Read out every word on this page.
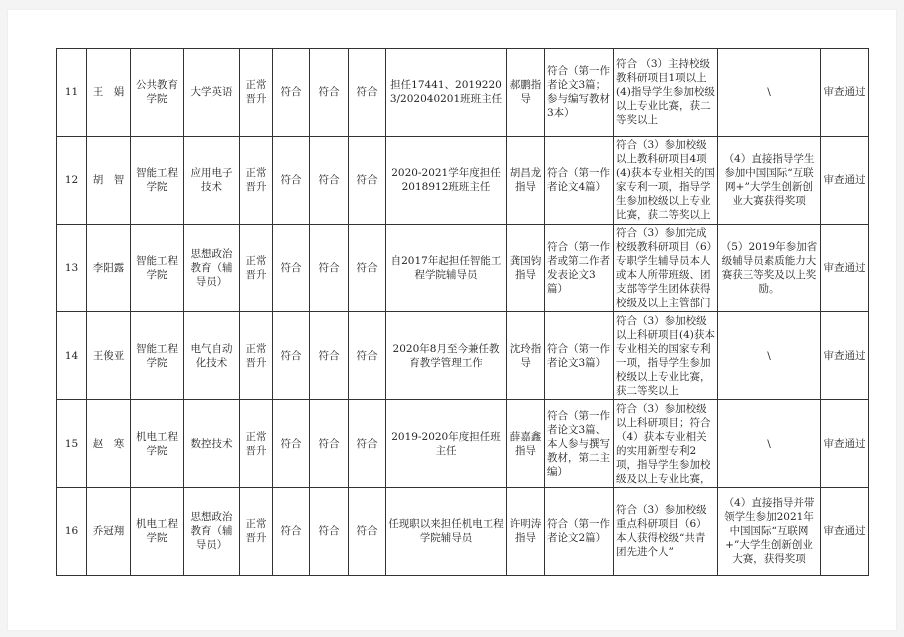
11	王　娟	公共教育学院	大学英语	正常晋升	符合	符合	符合	担任17441、20192203/202040201班班主任	郝鹏指导	符合（第一作者论文3篇；参与编写教材3本）	符合 （3）主持校级教科研项目1项以上(4)指导学生参加校级以上专业比赛，获二等奖以上	\	审查通过

12	胡　智	智能工程学院	应用电子技术	正常晋升	符合	符合	符合	2020-2021学年度担任2018912班班主任	胡昌龙指导	符合（第一作者论文4篇）	符合（3）参加校级以上教科研项目4项(4)获本专业相关的国家专利一项，指导学生参加校级以上专业比赛，获二等奖以上	（4）直接指导学生参加中国国际“互联网+”大学生创新创业大赛获得奖项	审查通过

13	李阳露	智能工程学院	思想政治教育（辅导员）	正常晋升	符合	符合	符合	自2017年起担任智能工程学院辅导员	龚国钧指导	符合（第一作者或第二作者发表论文3篇）	符合（3）参加完成校级教科研项目（6）专职学生辅导员本人或本人所带班级、团支部等学生团体获得校级及以上主管部门	（5）2019年参加省级辅导员素质能力大赛获三等奖及以上奖励。	审查通过

14	王俊亚	智能工程学院	电气自动化技术	正常晋升	符合	符合	符合	2020年8月至今兼任教育教学管理工作	沈玲指导	符合（第一作者论文3篇）	符合（3）参加校级以上科研项目(4)获本专业相关的国家专利一项，指导学生参加校级以上专业比赛，获二等奖以上	\	审查通过

15	赵　寒	机电工程学院	数控技术	正常晋升	符合	符合	符合	2019-2020年度担任班主任	薛嘉鑫指导	符合（第一作者论文3篇、本人参与撰写教材，第二主编）	符合（3）参加校级以上科研项目；符合（4）获本专业相关的实用新型专利2项，指导学生参加校级及以上专业比赛，	\	审查通过

16	乔冠翔	机电工程学院	思想政治教育（辅导员）	正常晋升	符合	符合	符合	任现职以来担任机电工程学院辅导员	许明涛指导	符合（第一作者论文2篇）	符合（3）参加校级重点科研项目（6）本人获得校级“共青团先进个人”	（4）直接指导并带领学生参加2021年中国国际“互联网+”大学生创新创业大赛，获得奖项	审查通过
